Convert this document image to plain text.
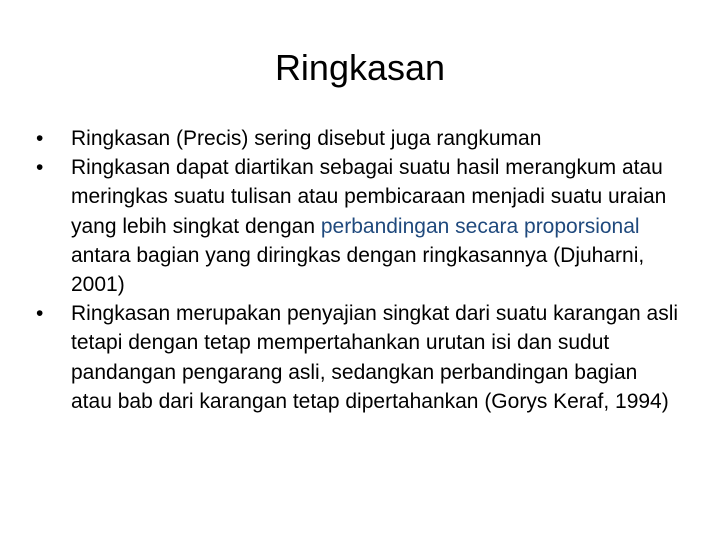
Ringkasan
• Ringkasan (Precis) sering disebut juga rangkuman
• Ringkasan dapat diartikan sebagai suatu hasil merangkum atau meringkas suatu tulisan atau pembicaraan menjadi suatu uraian yang lebih singkat dengan perbandingan secara proporsional antara bagian yang diringkas dengan ringkasannya (Djuharni, 2001)
• Ringkasan merupakan penyajian singkat dari suatu karangan asli tetapi dengan tetap mempertahankan urutan isi dan sudut pandangan pengarang asli, sedangkan perbandingan bagian atau bab dari karangan tetap dipertahankan (Gorys Keraf, 1994)
